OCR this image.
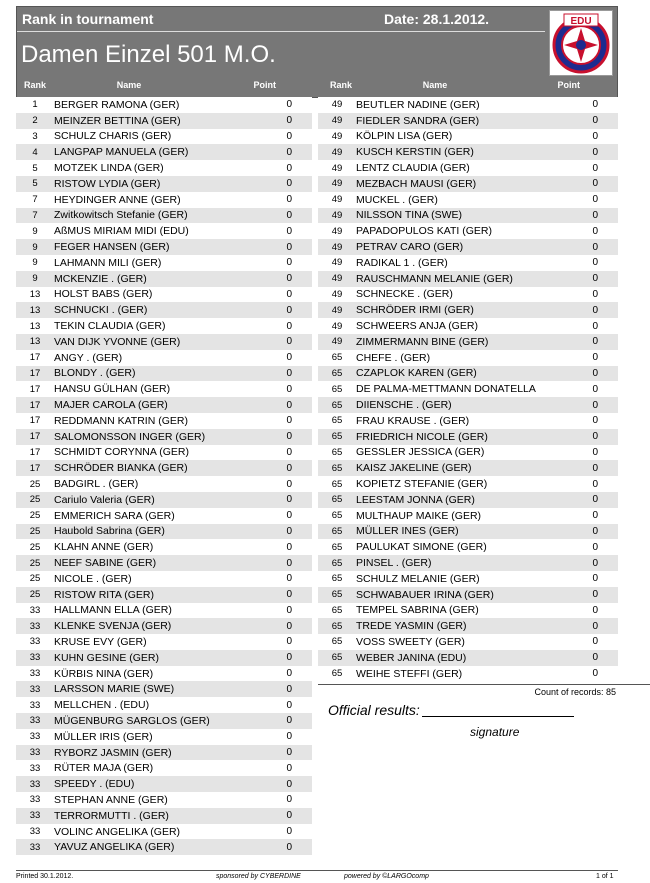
Rank in tournament	Date: 28.1.2012.
Damen Einzel 501 M.O.
EDU
Rank	Name	Point	Rank	Name	Point
1	BERGER RAMONA (GER)	0
2	MEINZER BETTINA (GER)	0
3	SCHULZ CHARIS (GER)	0
4	LANGPAP MANUELA (GER)	0
5	MOTZEK LINDA (GER)	0
5	RISTOW LYDIA (GER)	0
7	HEYDINGER ANNE (GER)	0
7	Zwitkowitsch Stefanie (GER)	0
9	AßMUS MIRIAM MIDI (EDU)	0
9	FEGER HANSEN (GER)	0
9	LAHMANN MILI (GER)	0
9	MCKENZIE . (GER)	0
13	HOLST BABS (GER)	0
13	SCHNUCKI . (GER)	0
13	TEKIN CLAUDIA (GER)	0
13	VAN DIJK YVONNE (GER)	0
17	ANGY . (GER)	0
17	BLONDY . (GER)	0
17	HANSU GÜLHAN (GER)	0
17	MAJER CAROLA (GER)	0
17	REDDMANN KATRIN (GER)	0
17	SALOMONSSON INGER (GER)	0
17	SCHMIDT CORYNNA (GER)	0
17	SCHRÖDER BIANKA (GER)	0
25	BADGIRL . (GER)	0
25	Cariulo Valeria (GER)	0
25	EMMERICH SARA (GER)	0
25	Haubold Sabrina (GER)	0
25	KLAHN ANNE (GER)	0
25	NEEF SABINE (GER)	0
25	NICOLE . (GER)	0
25	RISTOW RITA (GER)	0
33	HALLMANN ELLA (GER)	0
33	KLENKE SVENJA (GER)	0
33	KRUSE EVY (GER)	0
33	KUHN GESINE (GER)	0
33	KÜRBIS NINA (GER)	0
33	LARSSON MARIE (SWE)	0
33	MELLCHEN . (EDU)	0
33	MÜGENBURG SARGLOS (GER)	0
33	MÜLLER IRIS (GER)	0
33	RYBORZ JASMIN (GER)	0
33	RÜTER MAJA (GER)	0
33	SPEEDY . (EDU)	0
33	STEPHAN ANNE (GER)	0
33	TERRORMUTTI . (GER)	0
33	VOLINC ANGELIKA (GER)	0
33	YAVUZ ANGELIKA (GER)	0
49	BEUTLER NADINE (GER)	0
49	FIEDLER SANDRA (GER)	0
49	KÖLPIN LISA (GER)	0
49	KUSCH KERSTIN (GER)	0
49	LENTZ CLAUDIA (GER)	0
49	MEZBACH MAUSI (GER)	0
49	MUCKEL . (GER)	0
49	NILSSON TINA (SWE)	0
49	PAPADOPULOS KATI (GER)	0
49	PETRAV CARO (GER)	0
49	RADIKAL 1 . (GER)	0
49	RAUSCHMANN MELANIE (GER)	0
49	SCHNECKE . (GER)	0
49	SCHRÖDER IRMI (GER)	0
49	SCHWEERS ANJA (GER)	0
49	ZIMMERMANN BINE (GER)	0
65	CHEFE . (GER)	0
65	CZAPLOK KAREN (GER)	0
65	DE PALMA-METTMANN DONATELLA	0
65	DIIENSCHE . (GER)	0
65	FRAU KRAUSE . (GER)	0
65	FRIEDRICH NICOLE (GER)	0
65	GESSLER JESSICA (GER)	0
65	KAISZ JAKELINE (GER)	0
65	KOPIETZ STEFANIE (GER)	0
65	LEESTAM JONNA (GER)	0
65	MULTHAUP MAIKE (GER)	0
65	MÜLLER INES (GER)	0
65	PAULUKAT SIMONE (GER)	0
65	PINSEL . (GER)	0
65	SCHULZ MELANIE (GER)	0
65	SCHWABAUER IRINA (GER)	0
65	TEMPEL SABRINA (GER)	0
65	TREDE YASMIN (GER)	0
65	VOSS SWEETY (GER)	0
65	WEBER JANINA (EDU)	0
65	WEIHE STEFFI (GER)	0
Count of records: 85
Official results:
signature
Printed 30.1.2012.	sponsored by CYBERDINE	powered by ©LARGOcomp	1 of 1
